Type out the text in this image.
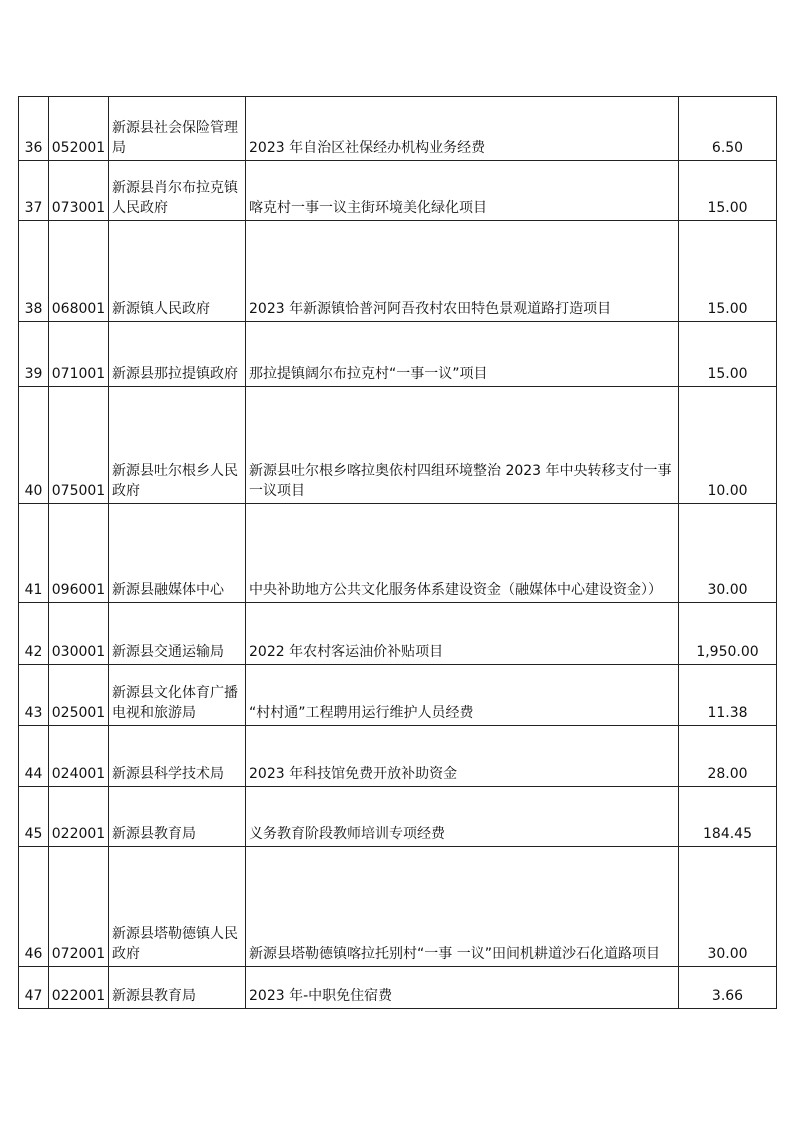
36	052001	新源县社会保险管理局	2023 年自治区社保经办机构业务经费	6.50
37	073001	新源县肖尔布拉克镇人民政府	喀克村一事一议主街环境美化绿化项目	15.00
38	068001	新源镇人民政府	2023 年新源镇恰普河阿吾孜村农田特色景观道路打造项目	15.00
39	071001	新源县那拉提镇政府	那拉提镇阔尔布拉克村“一事一议”项目	15.00
40	075001	新源县吐尔根乡人民政府	新源县吐尔根乡喀拉奥依村四组环境整治 2023 年中央转移支付一事一议项目	10.00
41	096001	新源县融媒体中心	中央补助地方公共文化服务体系建设资金（融媒体中心建设资金））	30.00
42	030001	新源县交通运输局	2022 年农村客运油价补贴项目	1,950.00
43	025001	新源县文化体育广播电视和旅游局	“村村通”工程聘用运行维护人员经费	11.38
44	024001	新源县科学技术局	2023 年科技馆免费开放补助资金	28.00
45	022001	新源县教育局	义务教育阶段教师培训专项经费	184.45
46	072001	新源县塔勒德镇人民政府	新源县塔勒德镇喀拉托别村“一事 一议”田间机耕道沙石化道路项目	30.00
47	022001	新源县教育局	2023 年-中职免住宿费	3.66
